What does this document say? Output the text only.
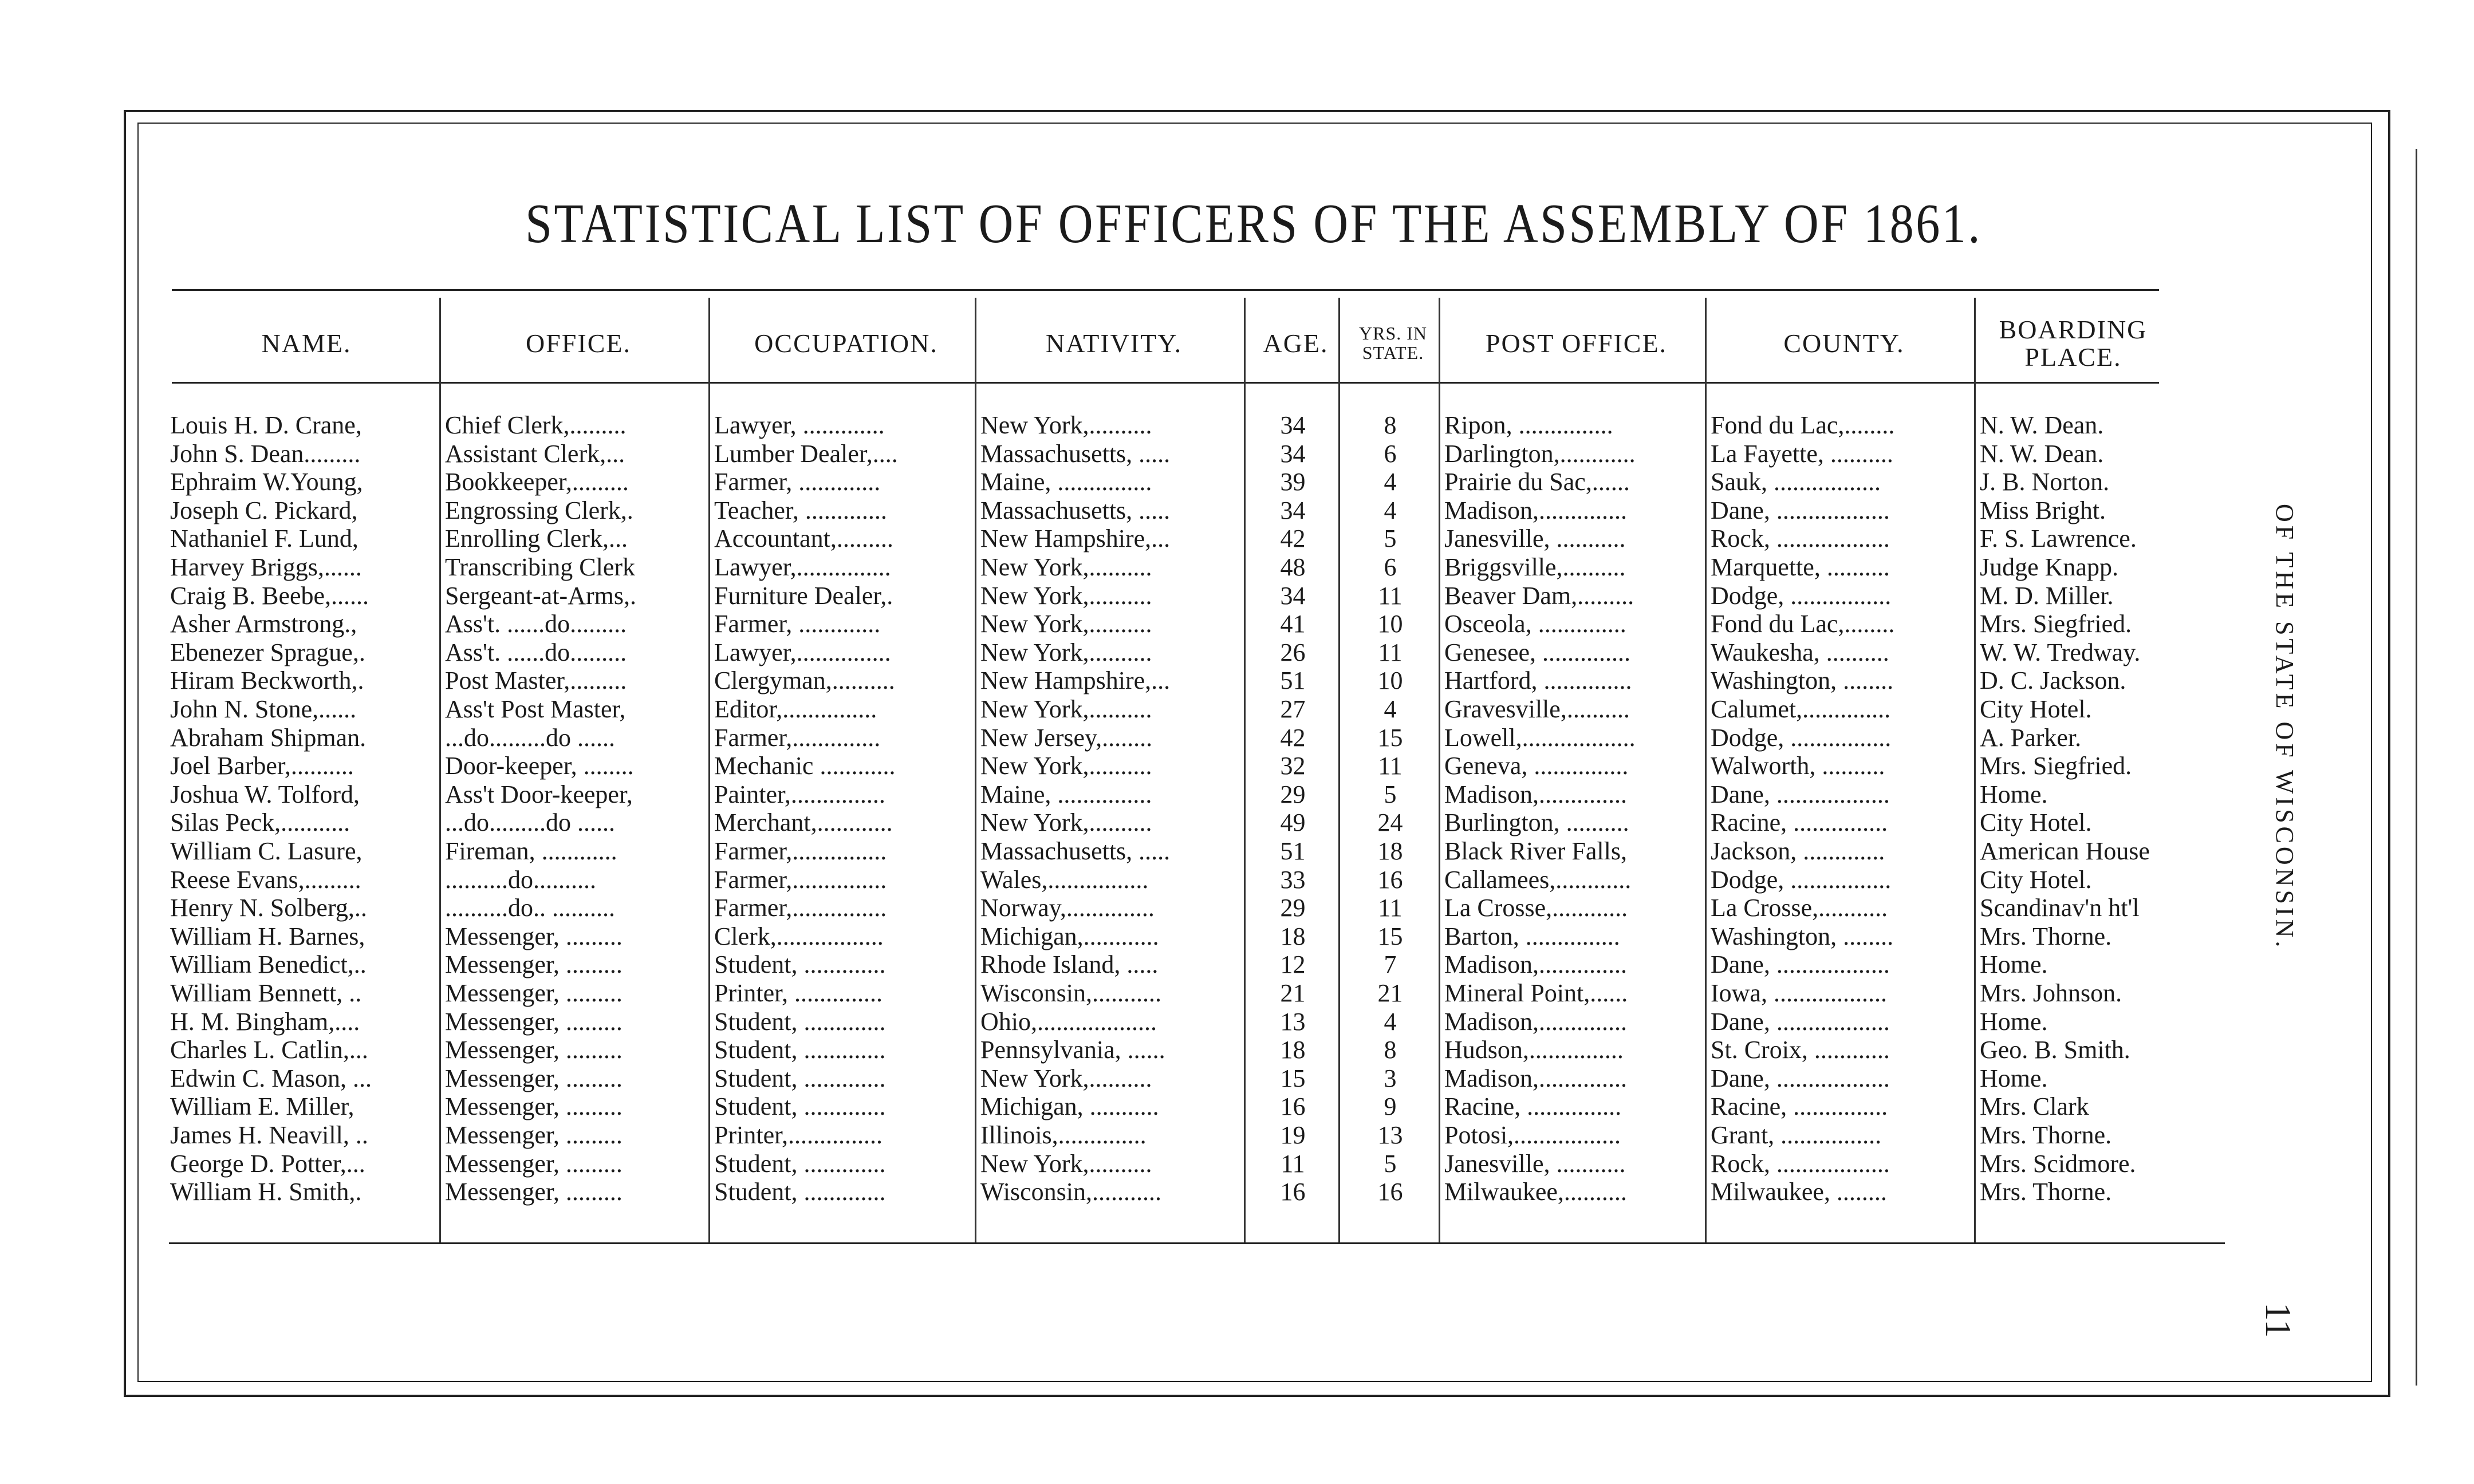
STATISTICAL LIST OF OFFICERS OF THE ASSEMBLY OF 1861.
NAME.	OFFICE.	OCCUPATION.	NATIVITY.	AGE.	YRS. IN STATE.	POST OFFICE.	COUNTY.	BOARDING PLACE.
Louis H. D. Crane,	Chief Clerk,.........	Lawyer, .............	New York,..........	34	8	Ripon, ...............	Fond du Lac,........	N. W. Dean.
John S. Dean.........	Assistant Clerk,...	Lumber Dealer,....	Massachusetts, .....	34	6	Darlington,............	La Fayette, ..........	N. W. Dean.
Ephraim W.Young,	Bookkeeper,.........	Farmer, .............	Maine, ...............	39	4	Prairie du Sac,......	Sauk, .................	J. B. Norton.
Joseph C. Pickard,	Engrossing Clerk,.	Teacher, .............	Massachusetts, .....	34	4	Madison,..............	Dane, ..................	Miss Bright.
Nathaniel F. Lund,	Enrolling Clerk,...	Accountant,.........	New Hampshire,...	42	5	Janesville, ...........	Rock, ..................	F. S. Lawrence.
Harvey Briggs,......	Transcribing Clerk	Lawyer,...............	New York,..........	48	6	Briggsville,..........	Marquette, ..........	Judge Knapp.
Craig B. Beebe,......	Sergeant-at-Arms,.	Furniture Dealer,.	New York,..........	34	11	Beaver Dam,.........	Dodge, ................	M. D. Miller.
Asher Armstrong.,	Ass't. ......do.........	Farmer, .............	New York,..........	41	10	Osceola, ..............	Fond du Lac,........	Mrs. Siegfried.
Ebenezer Sprague,.	Ass't. ......do.........	Lawyer,...............	New York,..........	26	11	Genesee, ..............	Waukesha, ..........	W. W. Tredway.
Hiram Beckworth,.	Post Master,.........	Clergyman,..........	New Hampshire,...	51	10	Hartford, ..............	Washington, ........	D. C. Jackson.
John N. Stone,......	Ass't Post Master,	Editor,...............	New York,..........	27	4	Gravesville,..........	Calumet,..............	City Hotel.
Abraham Shipman.	...do.........do ......	Farmer,..............	New Jersey,........	42	15	Lowell,..................	Dodge, ................	A. Parker.
Joel Barber,..........	Door-keeper, ........	Mechanic ............	New York,..........	32	11	Geneva, ...............	Walworth, ..........	Mrs. Siegfried.
Joshua W. Tolford,	Ass't Door-keeper,	Painter,...............	Maine, ...............	29	5	Madison,..............	Dane, ..................	Home.
Silas Peck,...........	...do.........do ......	Merchant,............	New York,..........	49	24	Burlington, ..........	Racine, ...............	City Hotel.
William C. Lasure,	Fireman, ............	Farmer,...............	Massachusetts, .....	51	18	Black River Falls,	Jackson, .............	American House
Reese Evans,.........	..........do..........	Farmer,...............	Wales,................	33	16	Callamees,............	Dodge, ................	City Hotel.
Henry N. Solberg,..	..........do.. ..........	Farmer,...............	Norway,..............	29	11	La Crosse,............	La Crosse,...........	Scandinav'n ht'l
William H. Barnes,	Messenger, .........	Clerk,.................	Michigan,............	18	15	Barton, ...............	Washington, ........	Mrs. Thorne.
William Benedict,..	Messenger, .........	Student, .............	Rhode Island, .....	12	7	Madison,..............	Dane, ..................	Home.
William Bennett, ..	Messenger, .........	Printer, ..............	Wisconsin,...........	21	21	Mineral Point,......	Iowa, ..................	Mrs. Johnson.
H. M. Bingham,....	Messenger, .........	Student, .............	Ohio,...................	13	4	Madison,..............	Dane, ..................	Home.
Charles L. Catlin,...	Messenger, .........	Student, .............	Pennsylvania, ......	18	8	Hudson,...............	St. Croix, ............	Geo. B. Smith.
Edwin C. Mason, ...	Messenger, .........	Student, .............	New York,..........	15	3	Madison,..............	Dane, ..................	Home.
William E. Miller,	Messenger, .........	Student, .............	Michigan, ...........	16	9	Racine, ...............	Racine, ...............	Mrs. Clark
James H. Neavill, ..	Messenger, .........	Printer,...............	Illinois,..............	19	13	Potosi,.................	Grant, ................	Mrs. Thorne.
George D. Potter,...	Messenger, .........	Student, .............	New York,..........	11	5	Janesville, ...........	Rock, ..................	Mrs. Scidmore.
William H. Smith,.	Messenger, .........	Student, .............	Wisconsin,...........	16	16	Milwaukee,..........	Milwaukee, ........	Mrs. Thorne.
OF THE STATE OF WISCONSIN.
11
